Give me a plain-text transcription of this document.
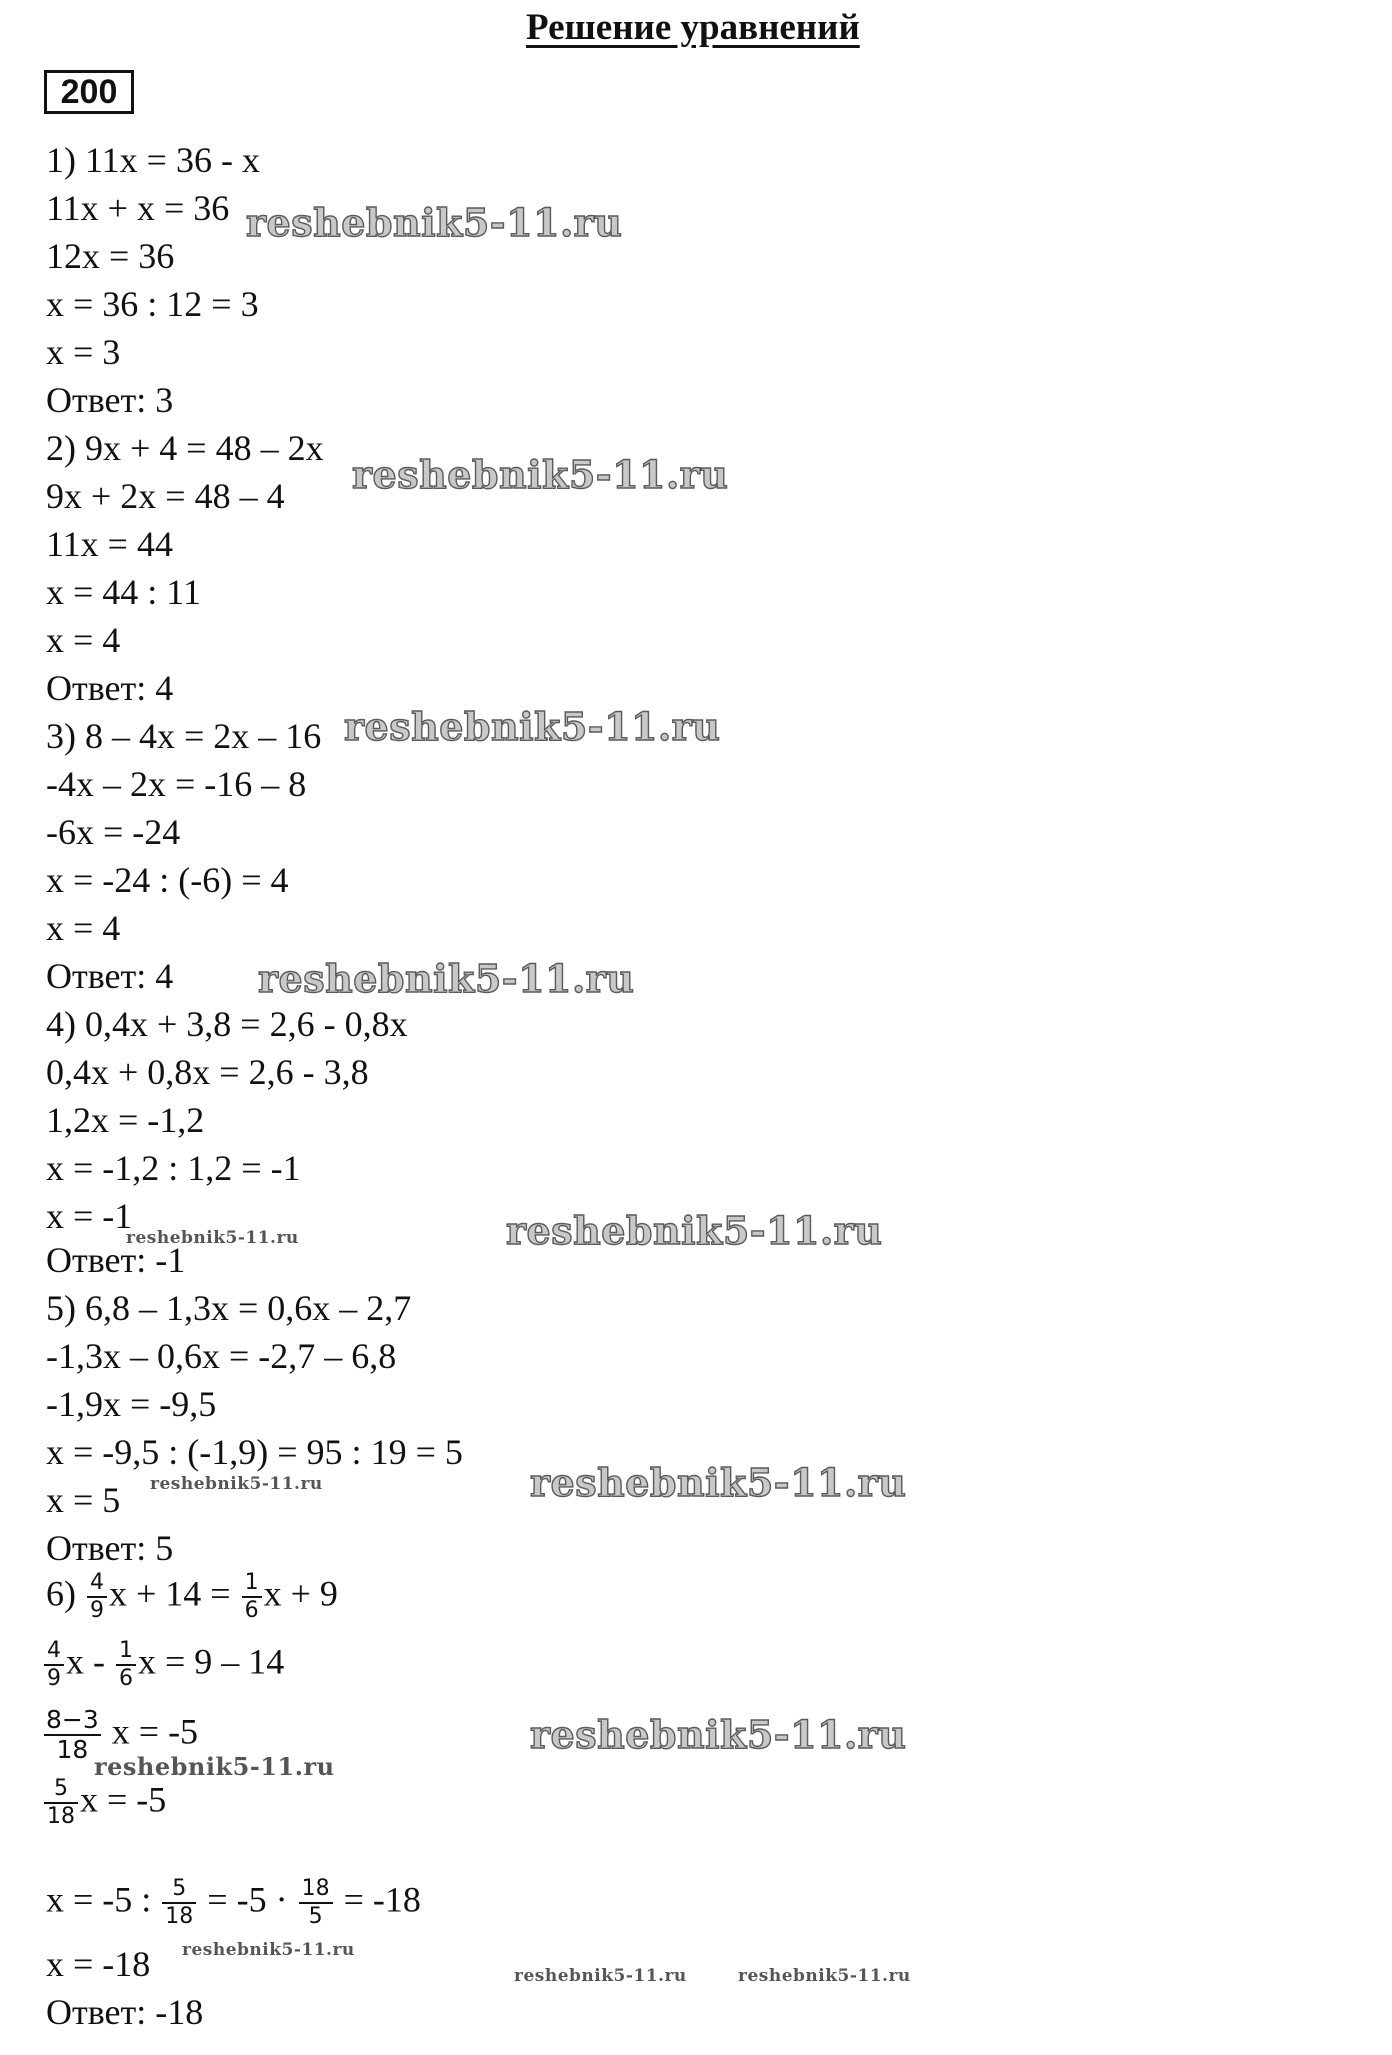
Решение уравнений
200
1) 11x = 36 - x
11x + x = 36
12x = 36
x = 36 : 12 = 3
x = 3
Ответ: 3
2) 9x + 4 = 48 – 2x
9x + 2x = 48 – 4
11x = 44
x = 44 : 11
x = 4
Ответ: 4
3) 8 – 4x = 2x – 16
-4x – 2x = -16 – 8
-6x = -24
x = -24 : (-6) = 4
x = 4
Ответ: 4
4) 0,4x + 3,8 = 2,6 - 0,8x
0,4x + 0,8x = 2,6 - 3,8
1,2x = -1,2
x = -1,2 : 1,2 = -1
x = -1
Ответ: -1
5) 6,8 – 1,3x = 0,6x – 2,7
-1,3x – 0,6x = -2,7 – 6,8
-1,9x = -9,5
x = -9,5 : (-1,9) = 95 : 19 = 5
x = 5
Ответ: 5
$6) \frac{4}{9}$ $x + 14 = \frac{1}{6}$ x + 9
$\frac{4}{9}$ x - $\frac{1}{6}$ x = 9 – 14
$\frac{8-3}{18}$ x = -5
$\frac{5}{18}$ x = -5
x = -5 : $\frac{5}{18} = -5 \cdot \frac{18}{5} = -18$
x = -18
Ответ: -18
reshebnik5-11.ru
reshebnik5-11.ru
reshebnik5-11.ru
reshebnik5-11.ru
reshebnik5-11.ru
reshebnik5-11.ru
reshebnik5-11.ru
reshebnik5-11.ru
reshebnik5-11.ru
reshebnik5-11.ru
reshebnik5-11.ru
reshebnik5-11.ru	reshebnik5-11.ru
